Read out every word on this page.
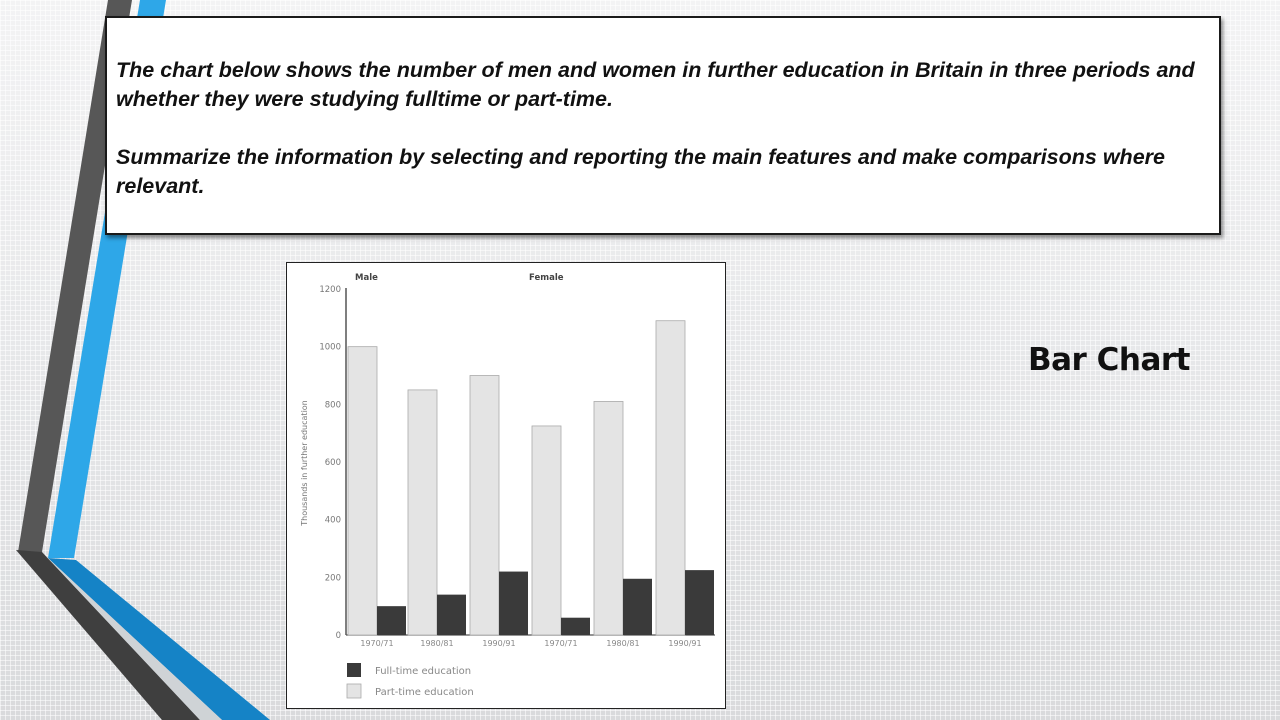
The chart below shows the number of men and women in further education in Britain in three periods and whether they were studying fulltime or part-time.

Summarize the information by selecting and reporting the main features and make comparisons where relevant.

Male	Female
Thousands in further education
0
200
400
600
800
1000
1200
1970/71	1980/81	1990/91	1970/71	1980/81	1990/91
Full-time education
Part-time education
Bar Chart
